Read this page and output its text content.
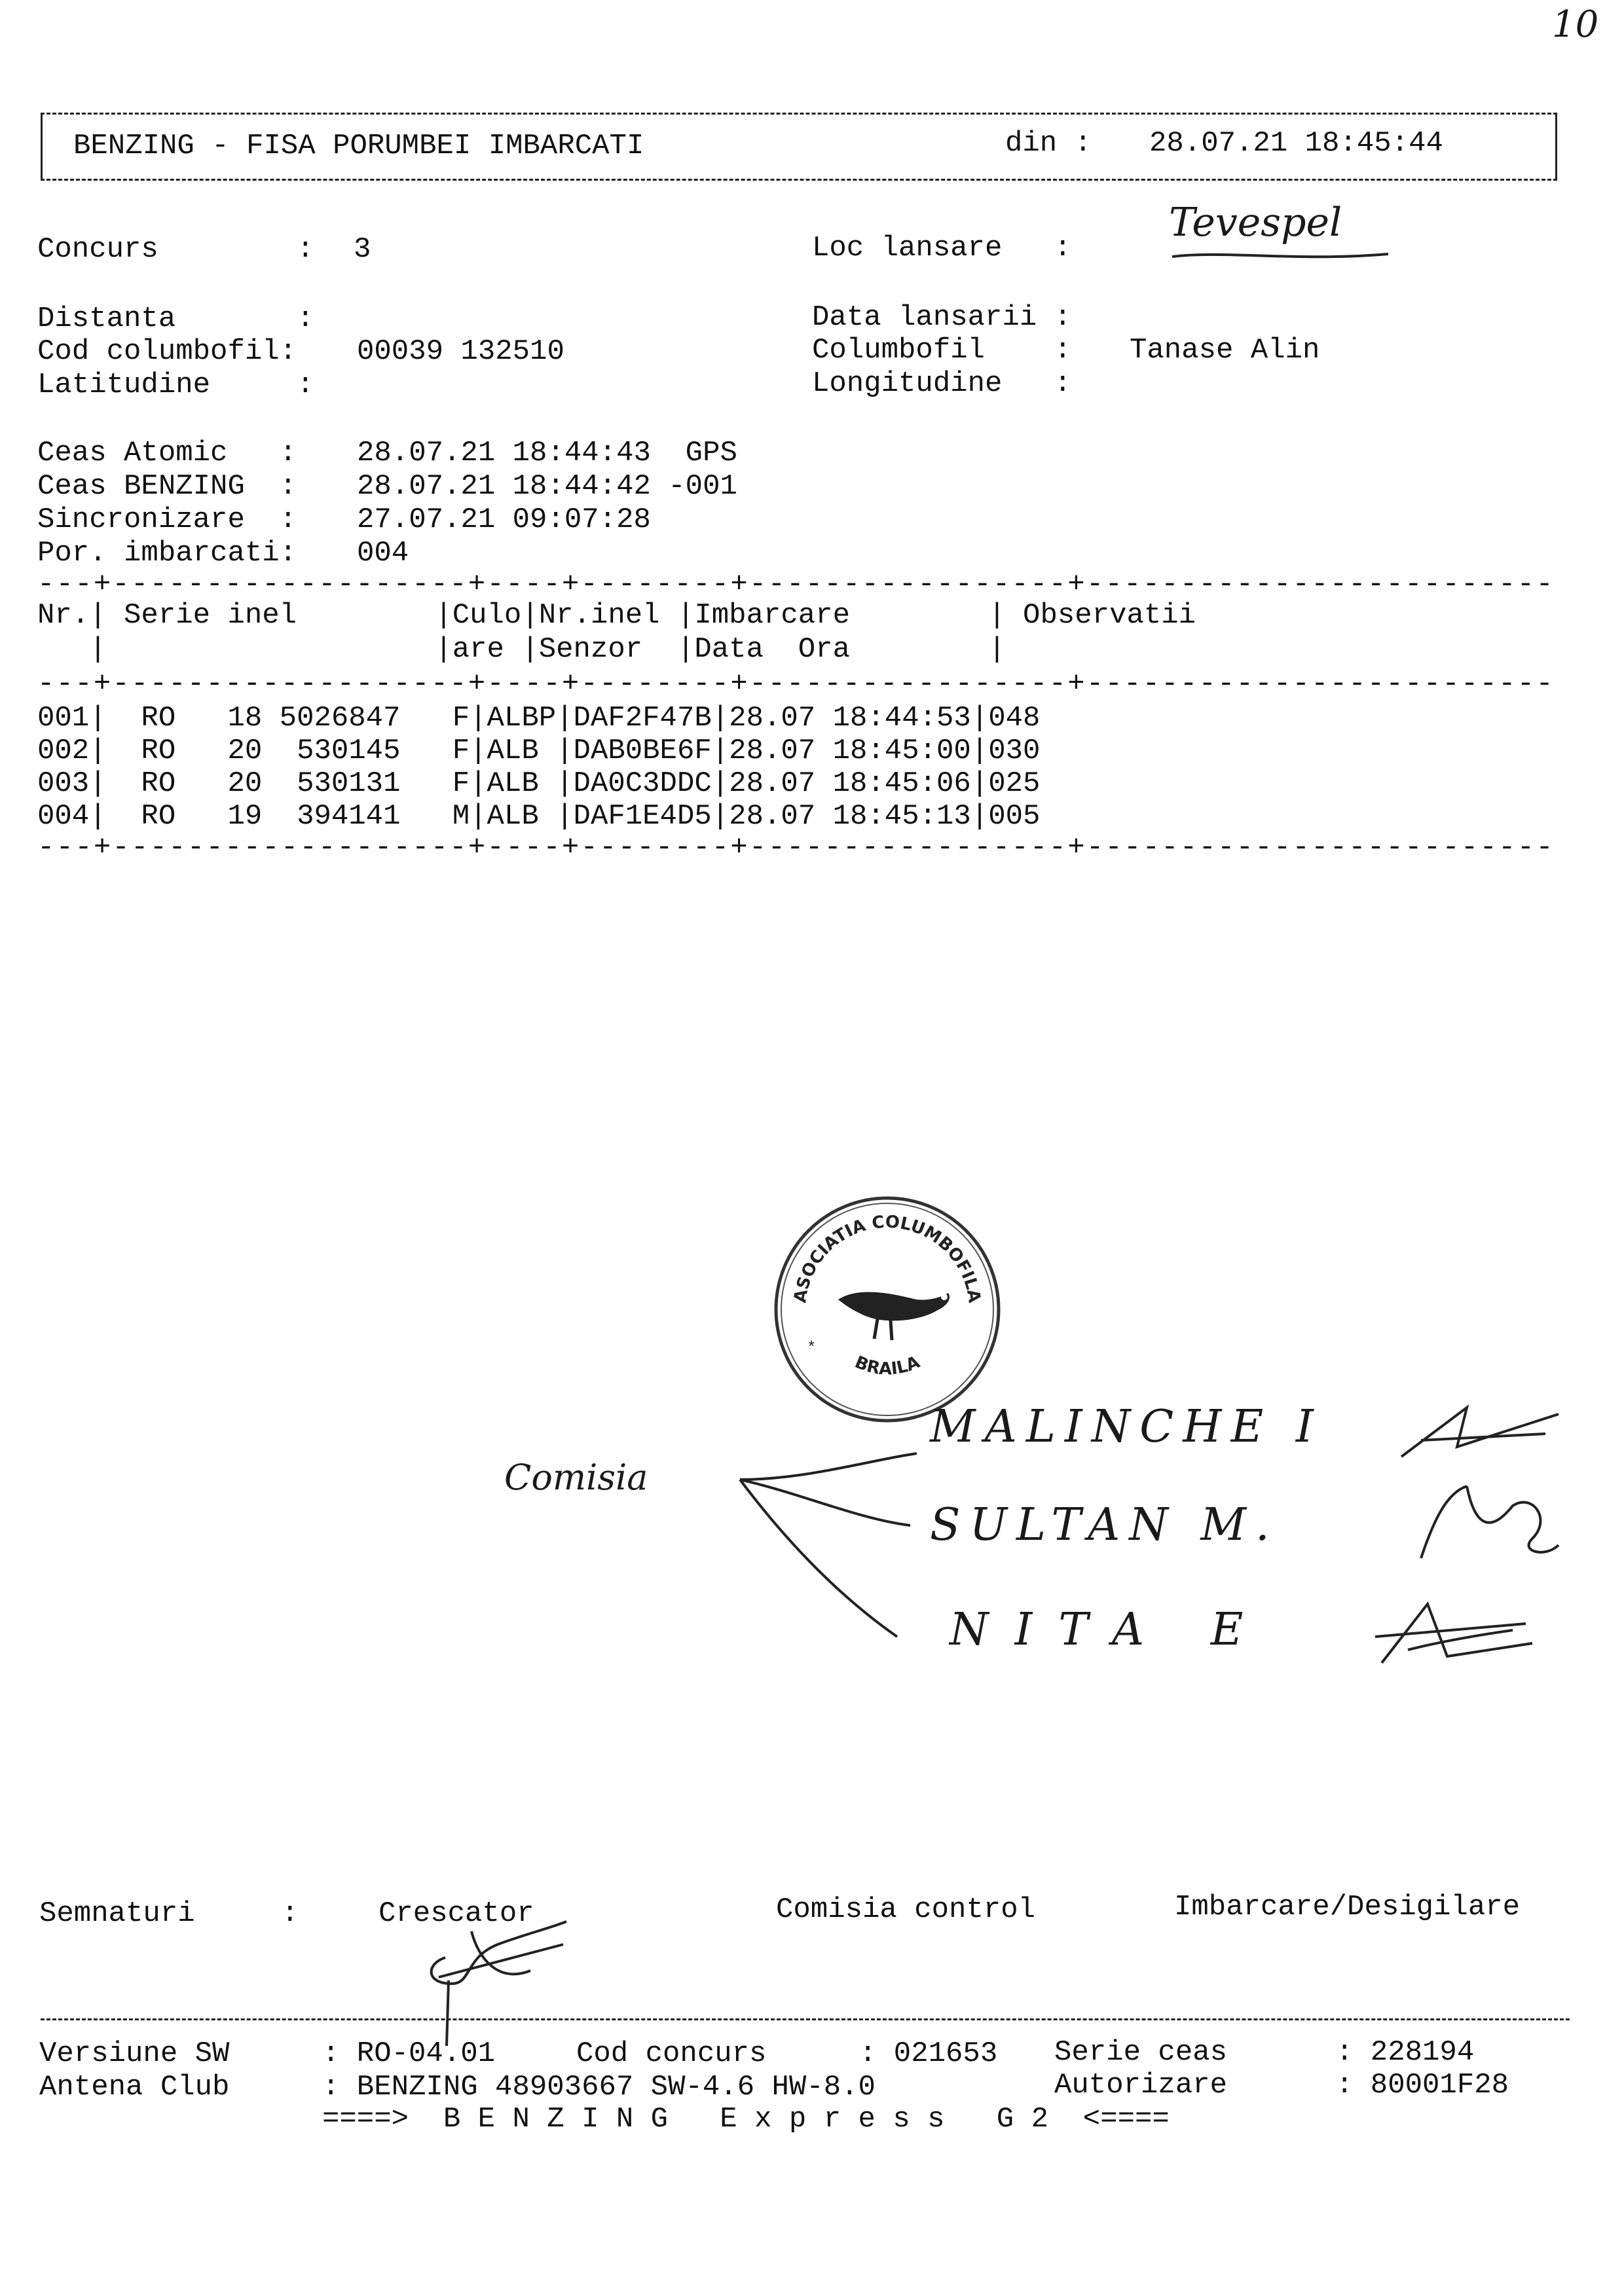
10
BENZING - FISA PORUMBEI IMBARCATI	din : 28.07.21 18:45:44
Concurs        : 3	Loc lansare   :
Tevespel
Distanta       :	Data lansarii :
Cod columbofil: 00039 132510	Columbofil    : Tanase Alin
Latitudine     :	Longitudine   :
Ceas Atomic   : 28.07.21 18:44:43  GPS
Ceas BENZING  : 28.07.21 18:44:42 -001
Sincronizare  : 27.07.21 09:07:28
Por. imbarcati: 004
---+-------------------+----+--------+-----------------+-------------------------
Nr.| Serie inel        |Culo|Nr.inel |Imbarcare        | Observatii
|                   |are |Senzor  |Data  Ora        |
---+-------------------+----+--------+-----------------+-------------------------
001|  RO   18 5026847   F|ALBP|DAF2F47B|28.07 18:44:53|048
002|  RO   20  530145   F|ALB |DAB0BE6F|28.07 18:45:00|030
003|  RO   20  530131   F|ALB |DA0C3DDC|28.07 18:45:06|025
004|  RO   19  394141   M|ALB |DAF1E4D5|28.07 18:45:13|005
---+-------------------+----+--------+-----------------+-------------------------
ASOCIATIA COLUMBOFILA
BRAILA
*
Comisia
MALINCHE I
SULTAN M.
NITA E
Semnaturi     :	Crescator	Comisia control	Imbarcare/Desigilare
Versiune SW	: RO-04.01	Cod concurs	: 021653 Serie ceas	: 228194
Antena Club	: BENZING 48903667 SW-4.6 HW-8.0	Autorizare	: 80001F28
====>  B E N Z I N G   E x p r e s s   G 2  <====
